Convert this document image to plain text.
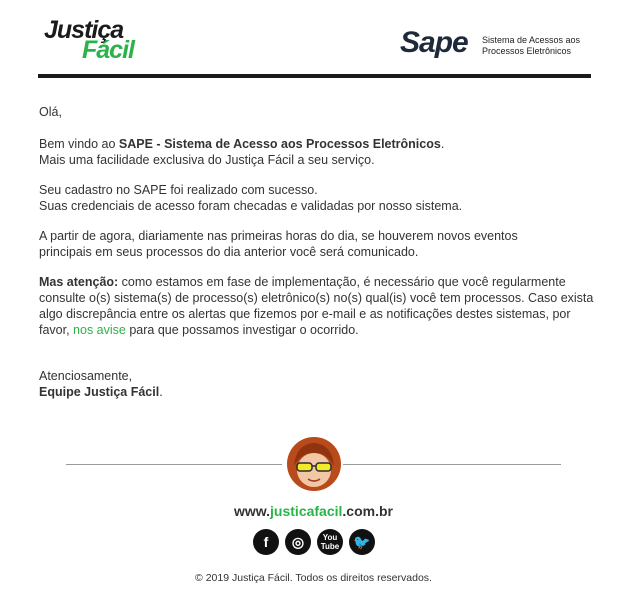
Justiça
Fácil	Sape Sistema de Acessos aos Processos Eletrônicos

Olá,

Bem vindo ao SAPE - Sistema de Acesso aos Processos Eletrônicos.
Mais uma facilidade exclusiva do Justiça Fácil a seu serviço.

Seu cadastro no SAPE foi realizado com sucesso.
Suas credenciais de acesso foram checadas e validadas por nosso sistema.

A partir de agora, diariamente nas primeiras horas do dia, se houverem novos eventos principais em seus processos do dia anterior você será comunicado.

Mas atenção: como estamos em fase de implementação, é necessário que você regularmente consulte o(s) sistema(s) de processo(s) eletrônico(s) no(s) qual(is) você tem processos. Caso exista algo discrepância entre os alertas que fizemos por e-mail e as notificações destes sistemas, por favor, nos avise para que possamos investigar o ocorrido.

Atenciosamente,
Equipe Justiça Fácil.

www.justicafacil.com.br
f	◎	You Tube	🐦
© 2019 Justiça Fácil. Todos os direitos reservados.
